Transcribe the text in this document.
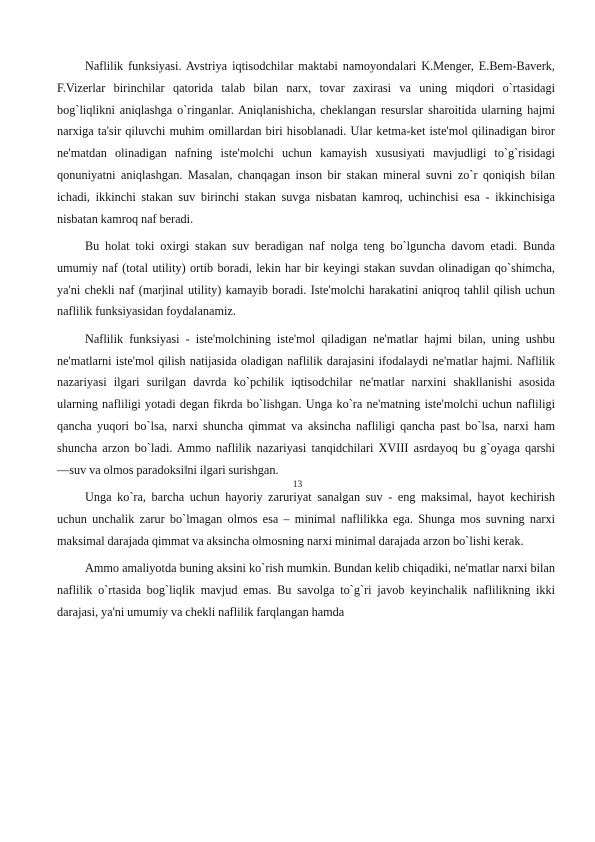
Naflilik funksiyasi. Avstriya iqtisodchilar maktabi namoyondalari K.Menger, E.Bem-Baverk, F.Vizerlar birinchilar qatorida talab bilan narx, tovar zaxirasi va uning miqdori o`rtasidagi bog`liqlikni aniqlashga o`ringanlar. Aniqlanishicha, cheklangan resurslar sharoitida ularning hajmi narxiga ta'sir qiluvchi muhim omillardan biri hisoblanadi. Ular ketma-ket iste'mol qilinadigan biror ne'matdan olinadigan nafning iste'molchi uchun kamayish xususiyati mavjudligi to`g`risidagi qonuniyatni aniqlashgan. Masalan, chanqagan inson bir stakan mineral suvni zo`r qoniqish bilan ichadi, ikkinchi stakan suv birinchi stakan suvga nisbatan kamroq, uchinchisi esa - ikkinchisiga nisbatan kamroq naf beradi.

Bu holat toki oxirgi stakan suv beradigan naf nolga teng bo`lguncha davom etadi. Bunda umumiy naf (total utility) ortib boradi, lekin har bir keyingi stakan suvdan olinadigan qo`shimcha, ya'ni chekli naf (marjinal utility) kamayib boradi. Iste'molchi harakatini aniqroq tahlil qilish uchun naflilik funksiyasidan foydalanamiz.

Naflilik funksiyasi - iste'molchining iste'mol qiladigan ne'matlar hajmi bilan, uning ushbu ne'matlarni iste'mol qilish natijasida oladigan naflilik darajasini ifodalaydi ne'matlar hajmi. Naflilik nazariyasi ilgari surilgan davrda ko`pchilik iqtisodchilar ne'matlar narxini shakllanishi asosida ularning nafliligi yotadi degan fikrda bo`lishgan. Unga ko`ra ne'matning iste'molchi uchun nafliligi qancha yuqori bo`lsa, narxi shuncha qimmat va aksincha nafliligi qancha past bo`lsa, narxi ham shuncha arzon bo`ladi. Ammo naflilik nazariyasi tanqidchilari XVIII asrdayoq bu g`oyaga qarshi ―suv va olmos paradoksi‖ni ilgari surishgan.

Unga ko`ra, barcha uchun hayoriy zaruriyat sanalgan suv - eng maksimal, hayot kechirish uchun unchalik zarur bo`lmagan olmos esa – minimal naflilikka ega. Shunga mos suvning narxi maksimal darajada qimmat va aksincha olmosning narxi minimal darajada arzon bo`lishi kerak.

Ammo amaliyotda buning aksini ko`rish mumkin. Bundan kelib chiqadiki, ne'matlar narxi bilan naflilik o`rtasida bog`liqlik mavjud emas. Bu savolga to`g`ri javob keyinchalik naflilikning ikki darajasi, ya'ni umumiy va chekli naflilik farqlangan hamda

13
